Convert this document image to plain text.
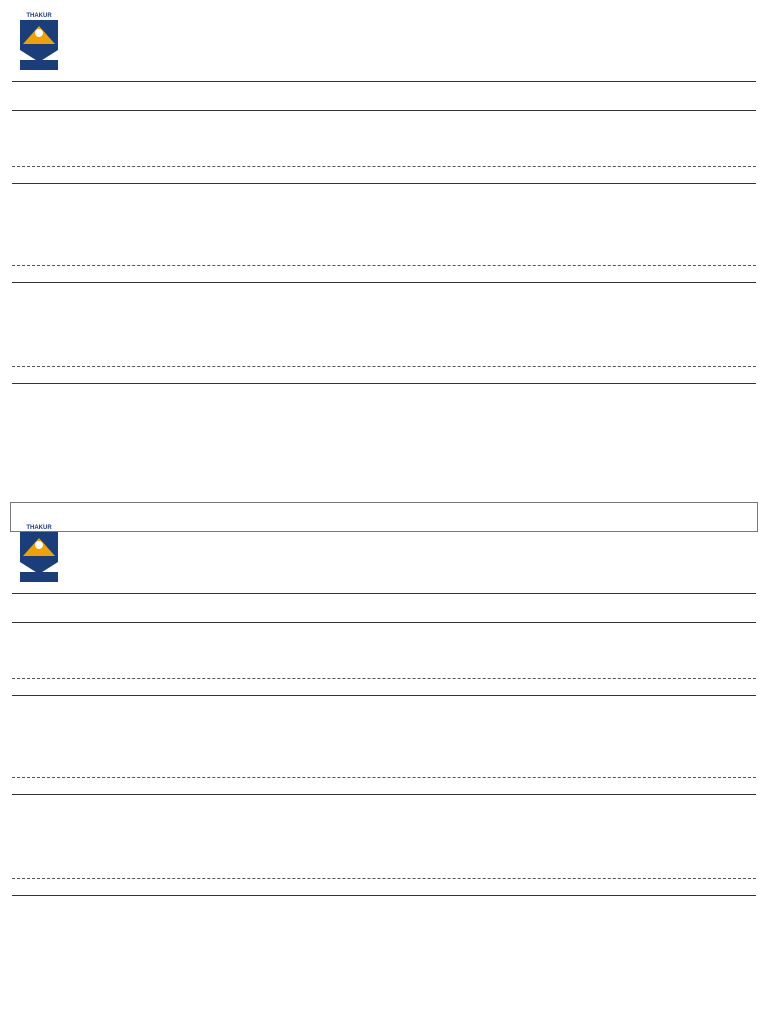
THAKUR
THAKUR
